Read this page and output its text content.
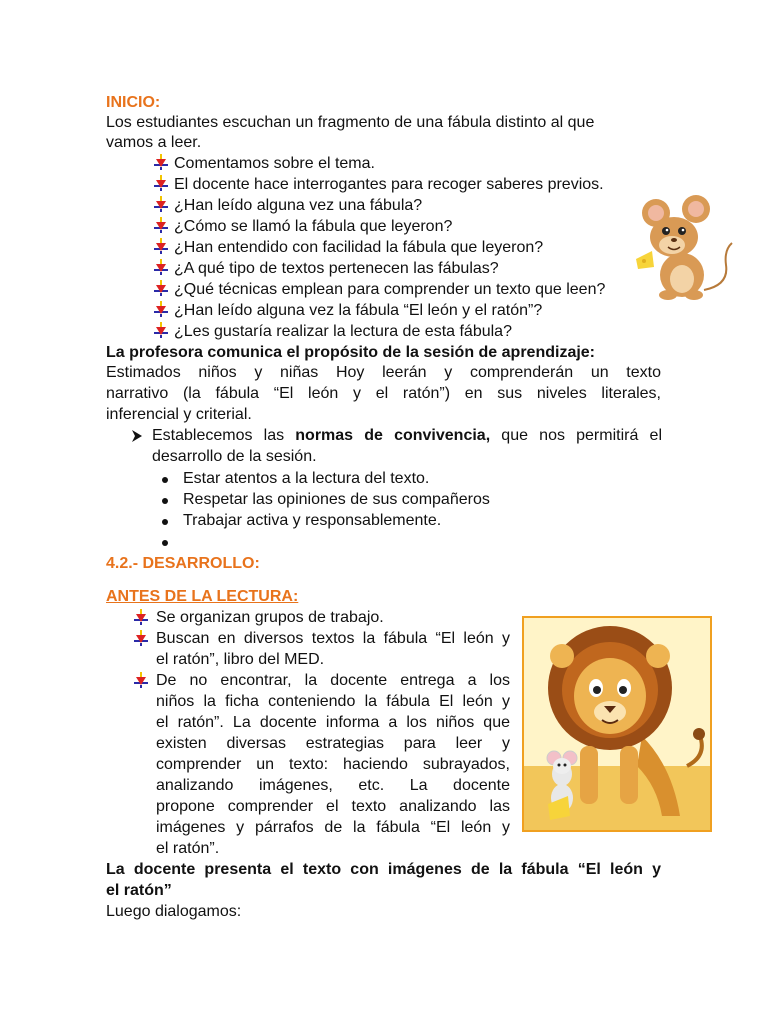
INICIO:
Los estudiantes escuchan un fragmento de una fábula distinto al que
vamos a leer.
Comentamos sobre el tema.
El docente hace interrogantes para recoger saberes previos.
¿Han leído alguna vez una fábula?
¿Cómo se llamó la fábula que leyeron?
¿Han entendido con facilidad la fábula que leyeron?
¿A qué tipo de textos pertenecen las fábulas?
¿Qué técnicas emplean para comprender un texto que leen?
¿Han leído alguna vez la fábula “El león y el ratón”?
¿Les gustaría realizar la lectura de esta fábula?
La profesora comunica el propósito de la sesión de aprendizaje:
Estimados niños y niñas Hoy leerán y comprenderán un texto
narrativo (la fábula “El león y el ratón”) en sus niveles literales,
inferencial y criterial.
Establecemos las normas de convivencia, que nos permitirá el
desarrollo de la sesión.
Estar atentos a la lectura del texto.
Respetar las opiniones de sus compañeros
Trabajar activa y responsablemente.
4.2.- DESARROLLO:
ANTES DE LA LECTURA:
Se organizan grupos de trabajo.
Buscan en diversos textos la fábula “El león y
el ratón”, libro del MED.
De no encontrar, la docente entrega a los
niños la ficha conteniendo la fábula El león y
el ratón”. La docente informa a los niños que
existen diversas estrategias para leer y
comprender un texto: haciendo subrayados,
analizando imágenes, etc. La docente
propone comprender el texto analizando las
imágenes y párrafos de la fábula “El león y
el ratón”.
La docente presenta el texto con imágenes de la fábula “El león y
el ratón”
Luego dialogamos:
